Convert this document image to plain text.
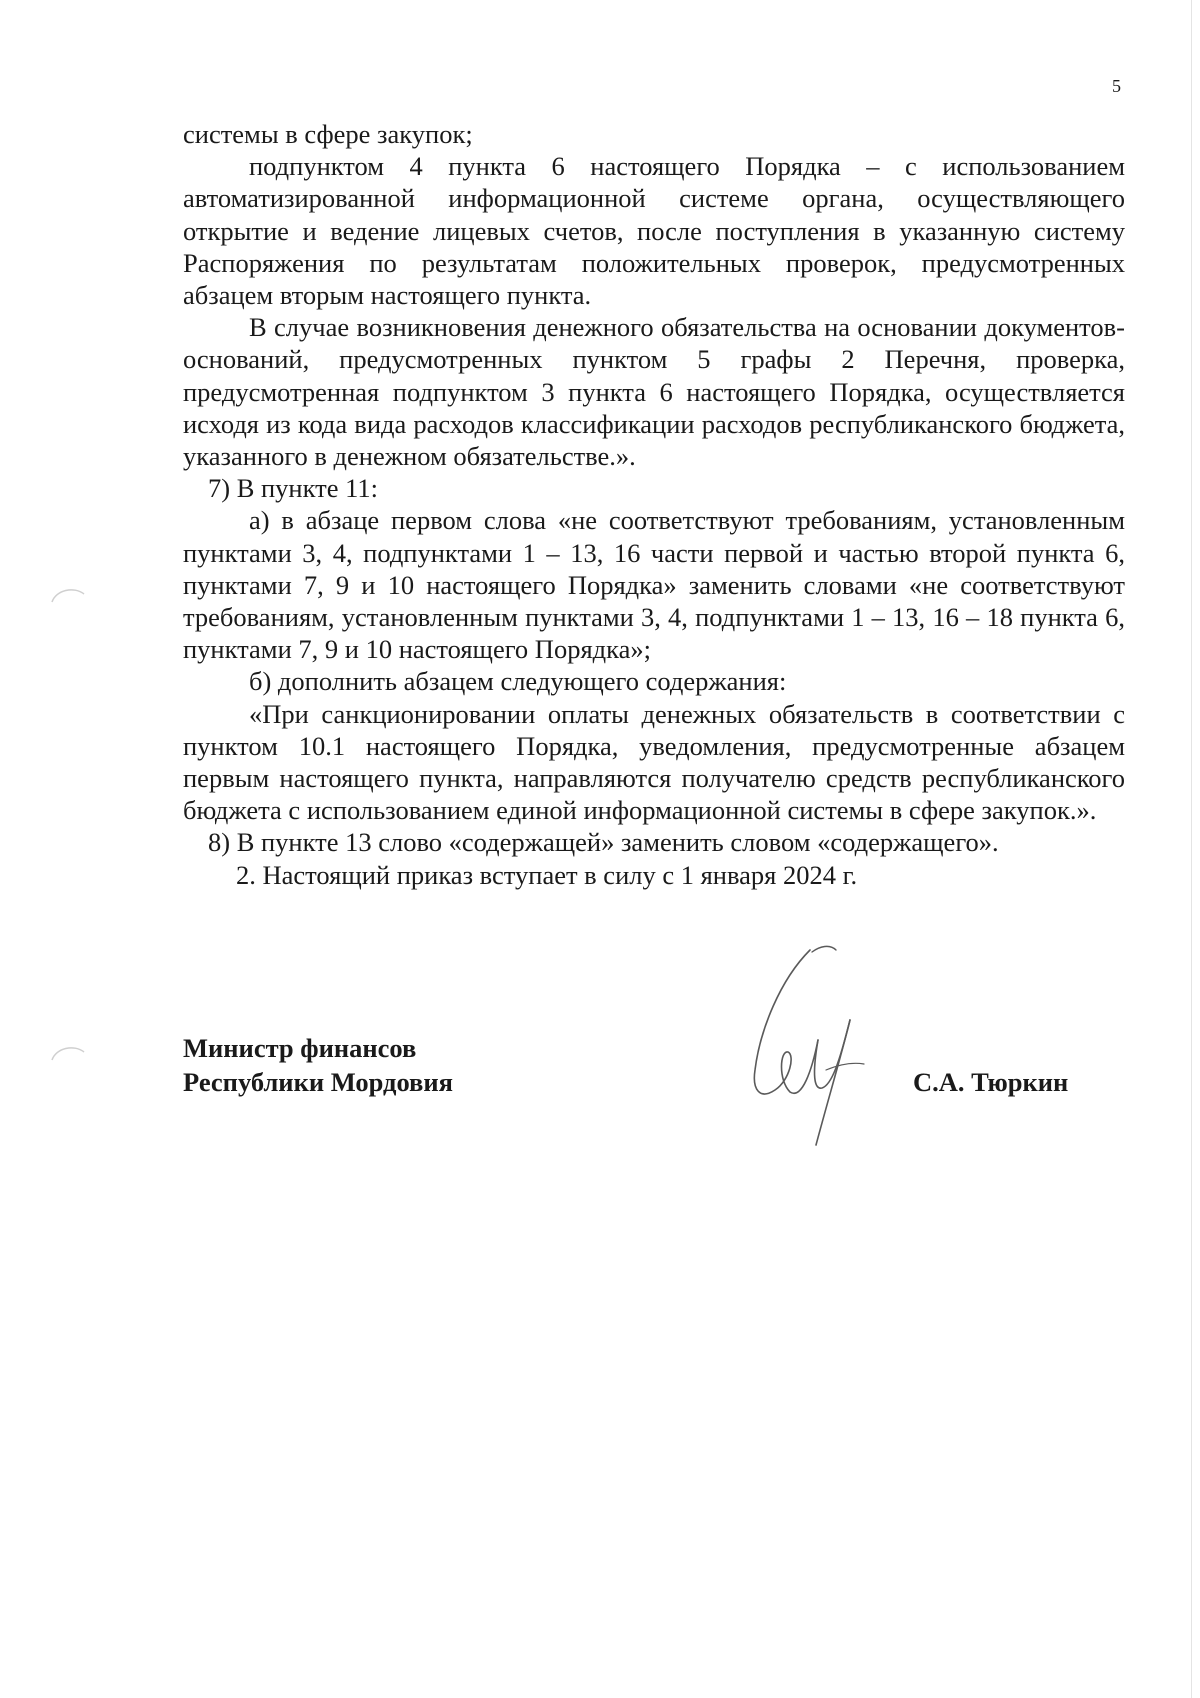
5

системы в сфере закупок;

подпунктом 4 пункта 6 настоящего Порядка – с использованием автоматизированной информационной системе органа, осуществляющего открытие и ведение лицевых счетов, после поступления в указанную систему Распоряжения по результатам положительных проверок, предусмотренных абзацем вторым настоящего пункта.

В случае возникновения денежного обязательства на основании документов-оснований, предусмотренных пунктом 5 графы 2 Перечня, проверка, предусмотренная подпунктом 3 пункта 6 настоящего Порядка, осуществляется исходя из кода вида расходов классификации расходов республиканского бюджета, указанного в денежном обязательстве.».

7) В пункте 11:

а) в абзаце первом слова «не соответствуют требованиям, установленным пунктами 3, 4, подпунктами 1 – 13, 16 части первой и частью второй пункта 6, пунктами 7, 9 и 10 настоящего Порядка» заменить словами «не соответствуют требованиям, установленным пунктами 3, 4, подпунктами 1 – 13, 16 – 18 пункта 6, пунктами 7, 9 и 10 настоящего Порядка»;

б) дополнить абзацем следующего содержания:

«При санкционировании оплаты денежных обязательств в соответствии с пунктом 10.1 настоящего Порядка, уведомления, предусмотренные абзацем первым настоящего пункта, направляются получателю средств республиканского бюджета с использованием единой информационной системы в сфере закупок.».

8) В пункте 13 слово «содержащей» заменить словом «содержащего».

2. Настоящий приказ вступает в силу с 1 января 2024 г.

Министр финансов
Республики Мордовия	С.А. Тюркин
